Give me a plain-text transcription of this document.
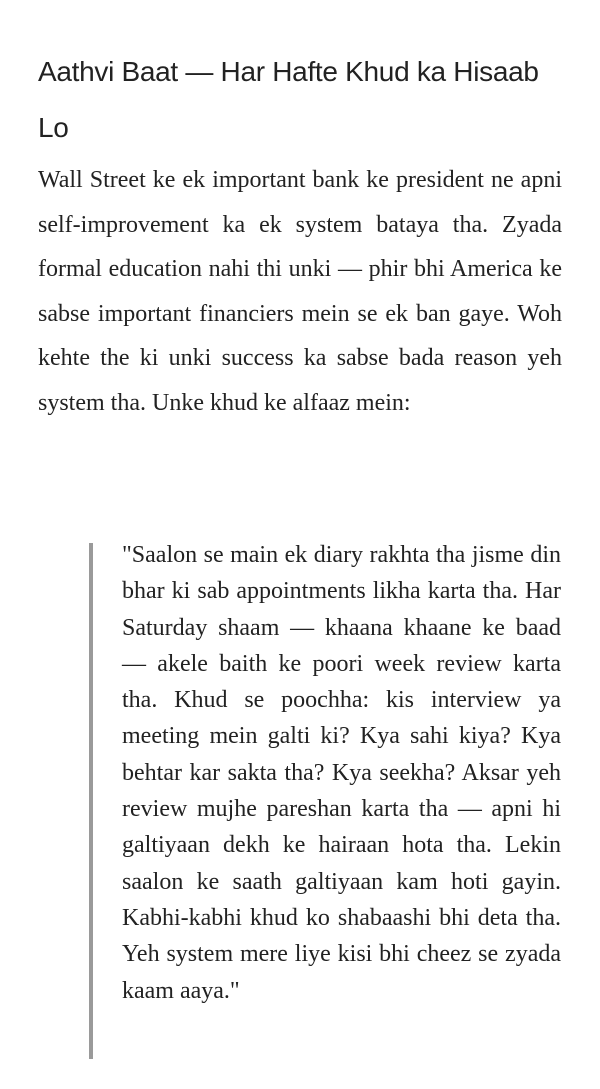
Aathvi Baat — Har Hafte Khud ka Hisaab Lo

Wall Street ke ek important bank ke president ne apni self-improvement ka ek system bataya tha. Zyada formal education nahi thi unki — phir bhi America ke sabse important financiers mein se ek ban gaye. Woh kehte the ki unki success ka sabse bada reason yeh system tha. Unke khud ke alfaaz mein:

"Saalon se main ek diary rakhta tha jisme din bhar ki sab appointments likha karta tha. Har Saturday shaam — khaana khaane ke baad — akele baith ke poori week review karta tha. Khud se poochha: kis interview ya meeting mein galti ki? Kya sahi kiya? Kya behtar kar sakta tha? Kya seekha? Aksar yeh review mujhe pareshan karta tha — apni hi galtiyaan dekh ke hairaan hota tha. Lekin saalon ke saath galtiyaan kam hoti gayin. Kabhi-kabhi khud ko shabaashi bhi deta tha. Yeh system mere liye kisi bhi cheez se zyada kaam aaya."
